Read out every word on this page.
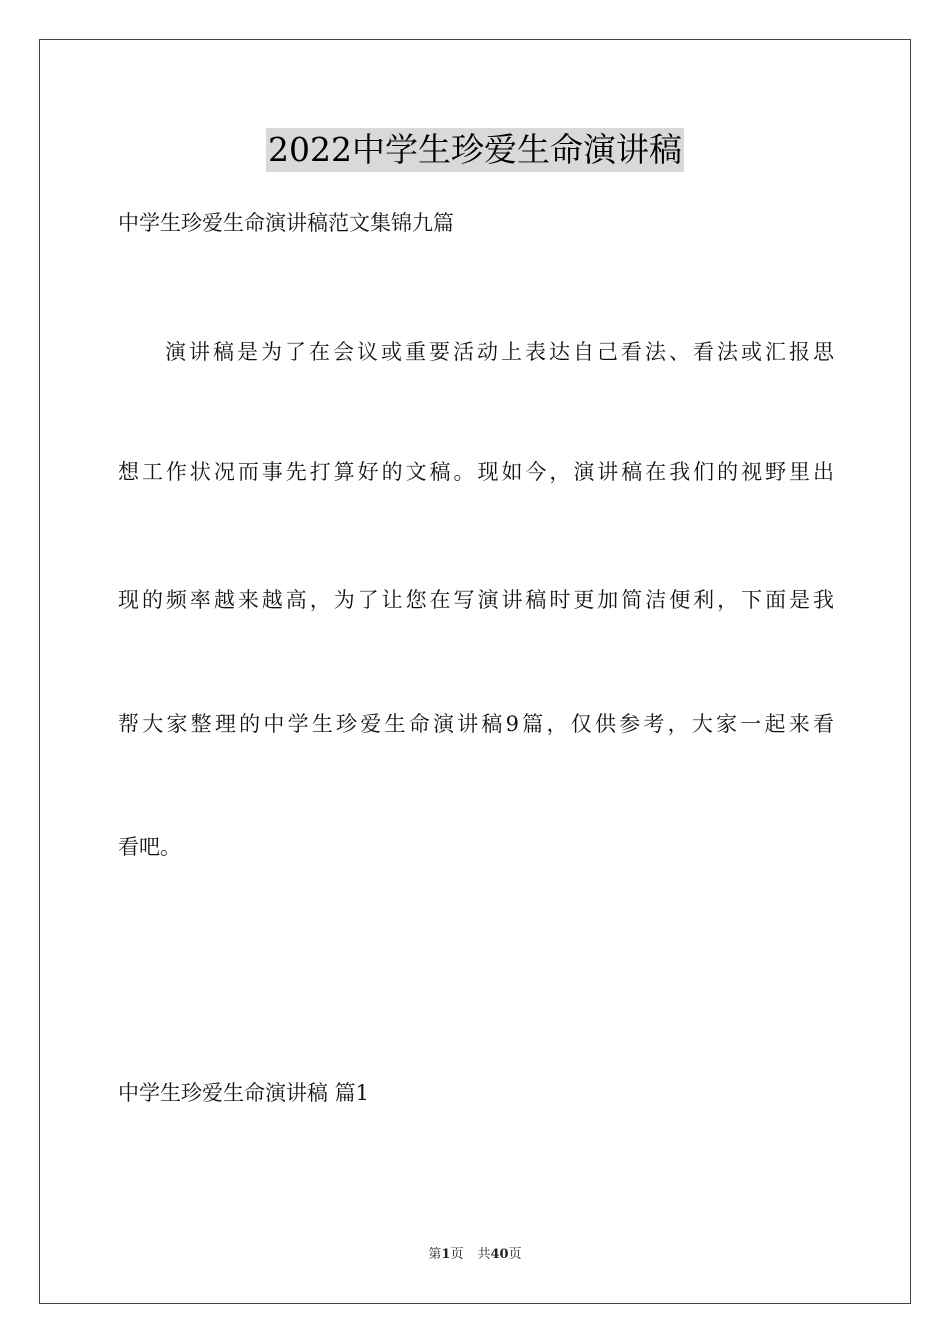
2022中学生珍爱生命演讲稿
中学生珍爱生命演讲稿范文集锦九篇
演讲稿是为了在会议或重要活动上表达自己看法、看法或汇报思
想工作状况而事先打算好的文稿。现如今，演讲稿在我们的视野里出
现的频率越来越高，为了让您在写演讲稿时更加简洁便利，下面是我
帮大家整理的中学生珍爱生命演讲稿9篇，仅供参考，大家一起来看
看吧。
中学生珍爱生命演讲稿 篇1
第1页 共40页
